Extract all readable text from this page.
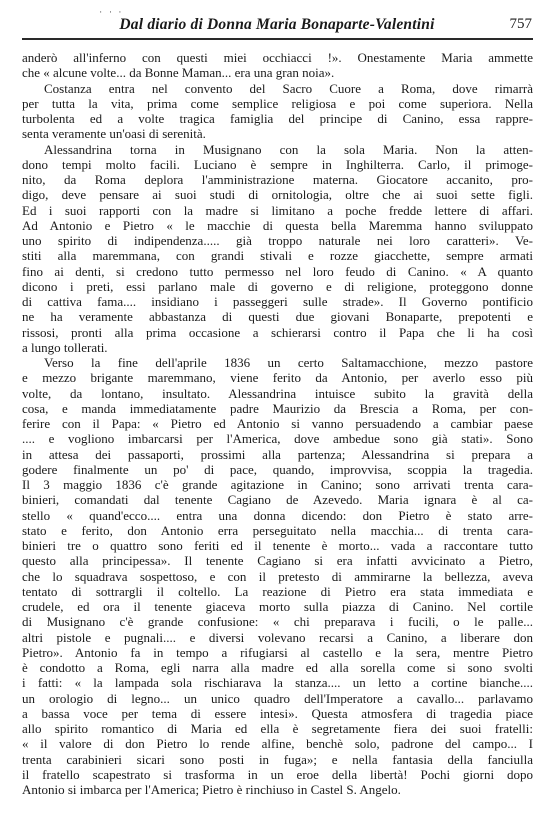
' ' '
Dal diario di Donna Maria Bonaparte-Valentini	757
anderò all'inferno con questi miei occhiacci !». Onestamente Maria ammette
che « alcune volte... da Bonne Maman... era una gran noia».
Costanza entra nel convento del Sacro Cuore a Roma, dove rimarrà
per tutta la vita, prima come semplice religiosa e poi come superiora. Nella
turbolenta ed a volte tragica famiglia del principe di Canino, essa rappre-
senta veramente un'oasi di serenità.
Alessandrina torna in Musignano con la sola Maria. Non la atten-
dono tempi molto facili. Luciano è sempre in Inghilterra. Carlo, il primoge-
nito, da Roma deplora l'amministrazione materna. Giocatore accanito, pro-
digo, deve pensare ai suoi studi di ornitologia, oltre che ai suoi sette figli.
Ed i suoi rapporti con la madre si limitano a poche fredde lettere di affari.
Ad Antonio e Pietro « le macchie di questa bella Maremma hanno sviluppato
uno spirito di indipendenza..... già troppo naturale nei loro caratteri». Ve-
stiti alla maremmana, con grandi stivali e rozze giacchette, sempre armati
fino ai denti, si credono tutto permesso nel loro feudo di Canino. « A quanto
dicono i preti, essi parlano male di governo e di religione, proteggono donne
di cattiva fama.... insidiano i passeggeri sulle strade». Il Governo pontificio
ne ha veramente abbastanza di questi due giovani Bonaparte, prepotenti e
rissosi, pronti alla prima occasione a schierarsi contro il Papa che li ha così
a lungo tollerati.
Verso la fine dell'aprile 1836 un certo Saltamacchione, mezzo pastore
e mezzo brigante maremmano, viene ferito da Antonio, per averlo esso più
volte, da lontano, insultato. Alessandrina intuisce subito la gravità della
cosa, e manda immediatamente padre Maurizio da Brescia a Roma, per con-
ferire con il Papa: « Pietro ed Antonio si vanno persuadendo a cambiar paese
.... e vogliono imbarcarsi per l'America, dove ambedue sono già stati». Sono
in attesa dei passaporti, prossimi alla partenza; Alessandrina si prepara a
godere finalmente un po' di pace, quando, improvvisa, scoppia la tragedia.
Il 3 maggio 1836 c'è grande agitazione in Canino; sono arrivati trenta cara-
binieri, comandati dal tenente Cagiano de Azevedo. Maria ignara è al ca-
stello « quand'ecco.... entra una donna dicendo: don Pietro è stato arre-
stato e ferito, don Antonio erra perseguitato nella macchia... di trenta cara-
binieri tre o quattro sono feriti ed il tenente è morto... vada a raccontare tutto
questo alla principessa». Il tenente Cagiano si era infatti avvicinato a Pietro,
che lo squadrava sospettoso, e con il pretesto di ammirarne la bellezza, aveva
tentato di sottrargli il coltello. La reazione di Pietro era stata immediata e
crudele, ed ora il tenente giaceva morto sulla piazza di Canino. Nel cortile
di Musignano c'è grande confusione: « chi preparava i fucili, o le palle...
altri pistole e pugnali.... e diversi volevano recarsi a Canino, a liberare don
Pietro». Antonio fa in tempo a rifugiarsi al castello e la sera, mentre Pietro
è condotto a Roma, egli narra alla madre ed alla sorella come si sono svolti
i fatti: « la lampada sola rischiarava la stanza.... un letto a cortine bianche....
un orologio di legno... un unico quadro dell'Imperatore a cavallo... parlavamo
a bassa voce per tema di essere intesi». Questa atmosfera di tragedia piace
allo spirito romantico di Maria ed ella è segretamente fiera dei suoi fratelli:
« il valore di don Pietro lo rende alfine, benchè solo, padrone del campo... I
trenta carabinieri sicari sono posti in fuga»; e nella fantasia della fanciulla
il fratello scapestrato si trasforma in un eroe della libertà! Pochi giorni dopo
Antonio si imbarca per l'America; Pietro è rinchiuso in Castel S. Angelo.
